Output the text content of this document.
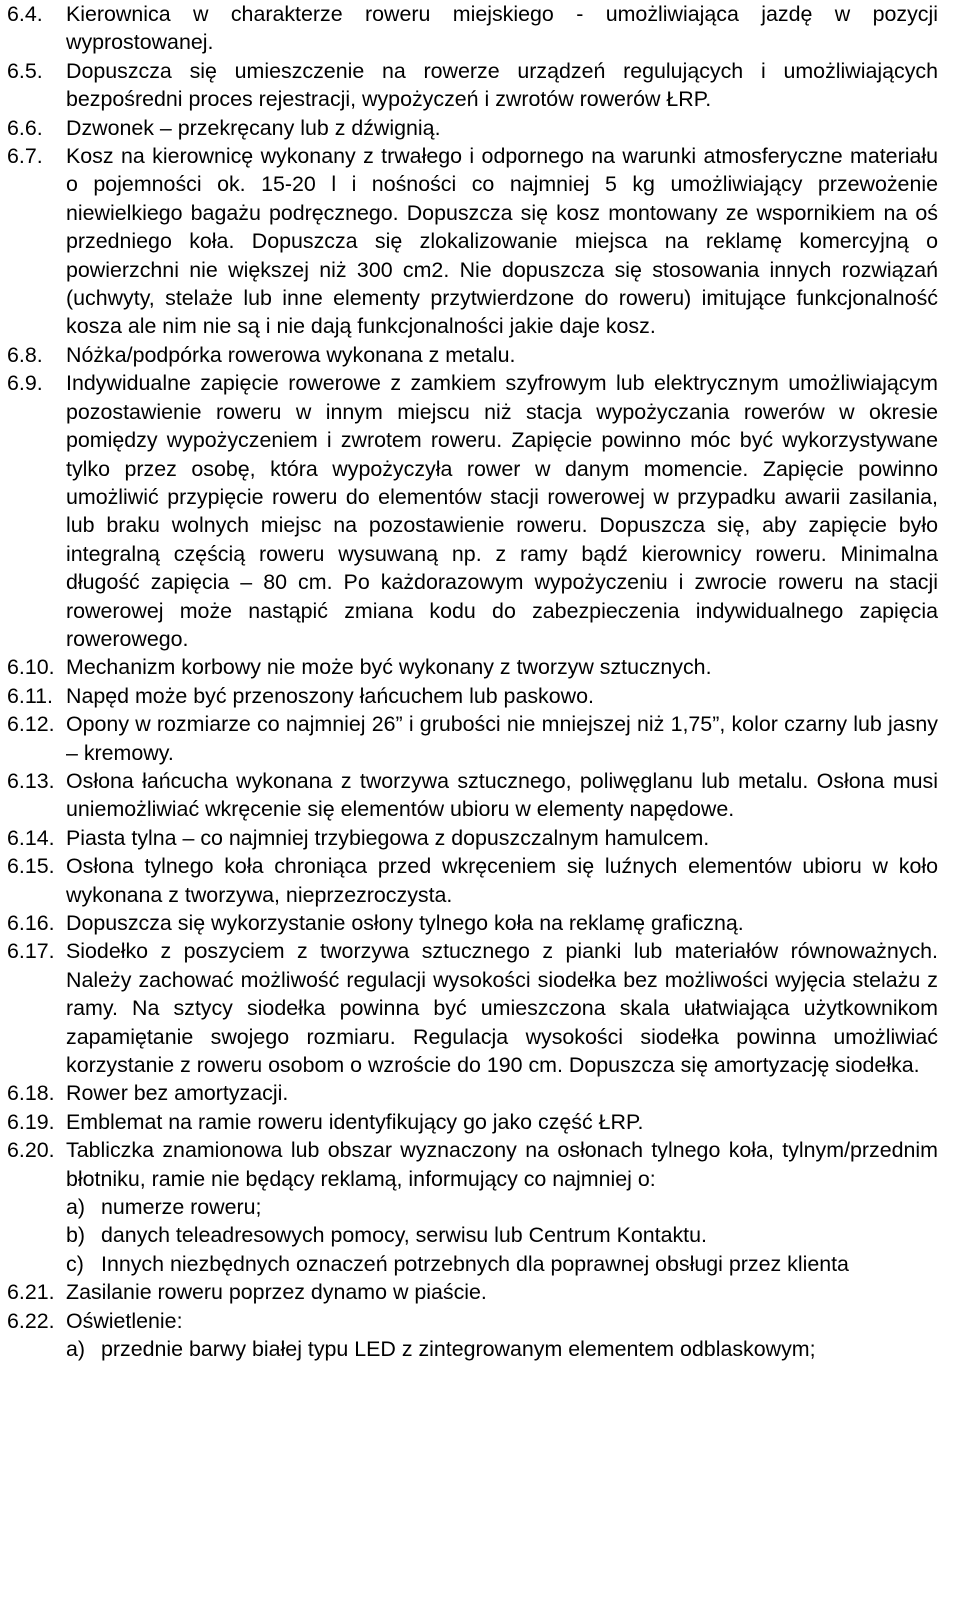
6.4.	Kierownica w charakterze roweru miejskiego - umożliwiająca jazdę w pozycji wyprostowanej.
6.5.	Dopuszcza się umieszczenie na rowerze urządzeń regulujących i umożliwiających bezpośredni proces rejestracji, wypożyczeń i zwrotów rowerów ŁRP.
6.6.	Dzwonek – przekręcany lub z dźwignią.
6.7.	Kosz na kierownicę wykonany z trwałego i odpornego na warunki atmosferyczne materiału o pojemności ok. 15-20 l i nośności co najmniej 5 kg umożliwiający przewożenie niewielkiego bagażu podręcznego. Dopuszcza się kosz montowany ze wspornikiem na oś przedniego koła. Dopuszcza się zlokalizowanie miejsca na reklamę komercyjną o powierzchni nie większej niż 300 cm2. Nie dopuszcza się stosowania innych rozwiązań (uchwyty, stelaże lub inne elementy przytwierdzone do roweru) imitujące funkcjonalność kosza ale nim nie są i nie dają funkcjonalności jakie daje kosz.
6.8.	Nóżka/podpórka rowerowa wykonana z metalu.
6.9.	Indywidualne zapięcie rowerowe z zamkiem szyfrowym lub elektrycznym umożliwiającym pozostawienie roweru w innym miejscu niż stacja wypożyczania rowerów w okresie pomiędzy wypożyczeniem i zwrotem roweru. Zapięcie powinno móc być wykorzystywane tylko przez osobę, która wypożyczyła rower w danym momencie. Zapięcie powinno umożliwić przypięcie roweru do elementów stacji rowerowej w przypadku awarii zasilania, lub braku wolnych miejsc na pozostawienie roweru. Dopuszcza się, aby zapięcie było integralną częścią roweru wysuwaną np. z ramy bądź kierownicy roweru. Minimalna długość zapięcia – 80 cm. Po każdorazowym wypożyczeniu i zwrocie roweru na stacji rowerowej może nastąpić zmiana kodu do zabezpieczenia indywidualnego zapięcia rowerowego.
6.10. Mechanizm korbowy nie może być wykonany z tworzyw sztucznych.
6.11. Napęd może być przenoszony łańcuchem lub paskowo.
6.12. Opony w rozmiarze co najmniej 26” i grubości nie mniejszej niż 1,75”, kolor czarny lub jasny – kremowy.
6.13. Osłona łańcucha wykonana z tworzywa sztucznego, poliwęglanu lub metalu. Osłona musi uniemożliwiać wkręcenie się elementów ubioru w elementy napędowe.
6.14. Piasta tylna – co najmniej trzybiegowa z dopuszczalnym hamulcem.
6.15. Osłona tylnego koła chroniąca przed wkręceniem się luźnych elementów ubioru w koło wykonana z tworzywa, nieprzezroczysta.
6.16. Dopuszcza się wykorzystanie osłony tylnego koła na reklamę graficzną.
6.17. Siodełko z poszyciem z tworzywa sztucznego z pianki lub materiałów równoważnych. Należy zachować możliwość regulacji wysokości siodełka bez możliwości wyjęcia stelażu z ramy. Na sztycy siodełka powinna być umieszczona skala ułatwiająca użytkownikom zapamiętanie swojego rozmiaru. Regulacja wysokości siodełka powinna umożliwiać korzystanie z roweru osobom o wzroście do 190 cm. Dopuszcza się amortyzację siodełka.
6.18. Rower bez amortyzacji.
6.19. Emblemat na ramie roweru identyfikujący go jako część ŁRP.
6.20. Tabliczka znamionowa lub obszar wyznaczony na osłonach tylnego koła, tylnym/przednim błotniku, ramie nie będący reklamą, informujący co najmniej o:
a) numerze roweru;
b) danych teleadresowych pomocy, serwisu lub Centrum Kontaktu.
c) Innych niezbędnych oznaczeń potrzebnych dla poprawnej obsługi przez klienta
6.21. Zasilanie roweru poprzez dynamo w piaście.
6.22. Oświetlenie:
a) przednie barwy białej typu LED z zintegrowanym elementem odblaskowym;
